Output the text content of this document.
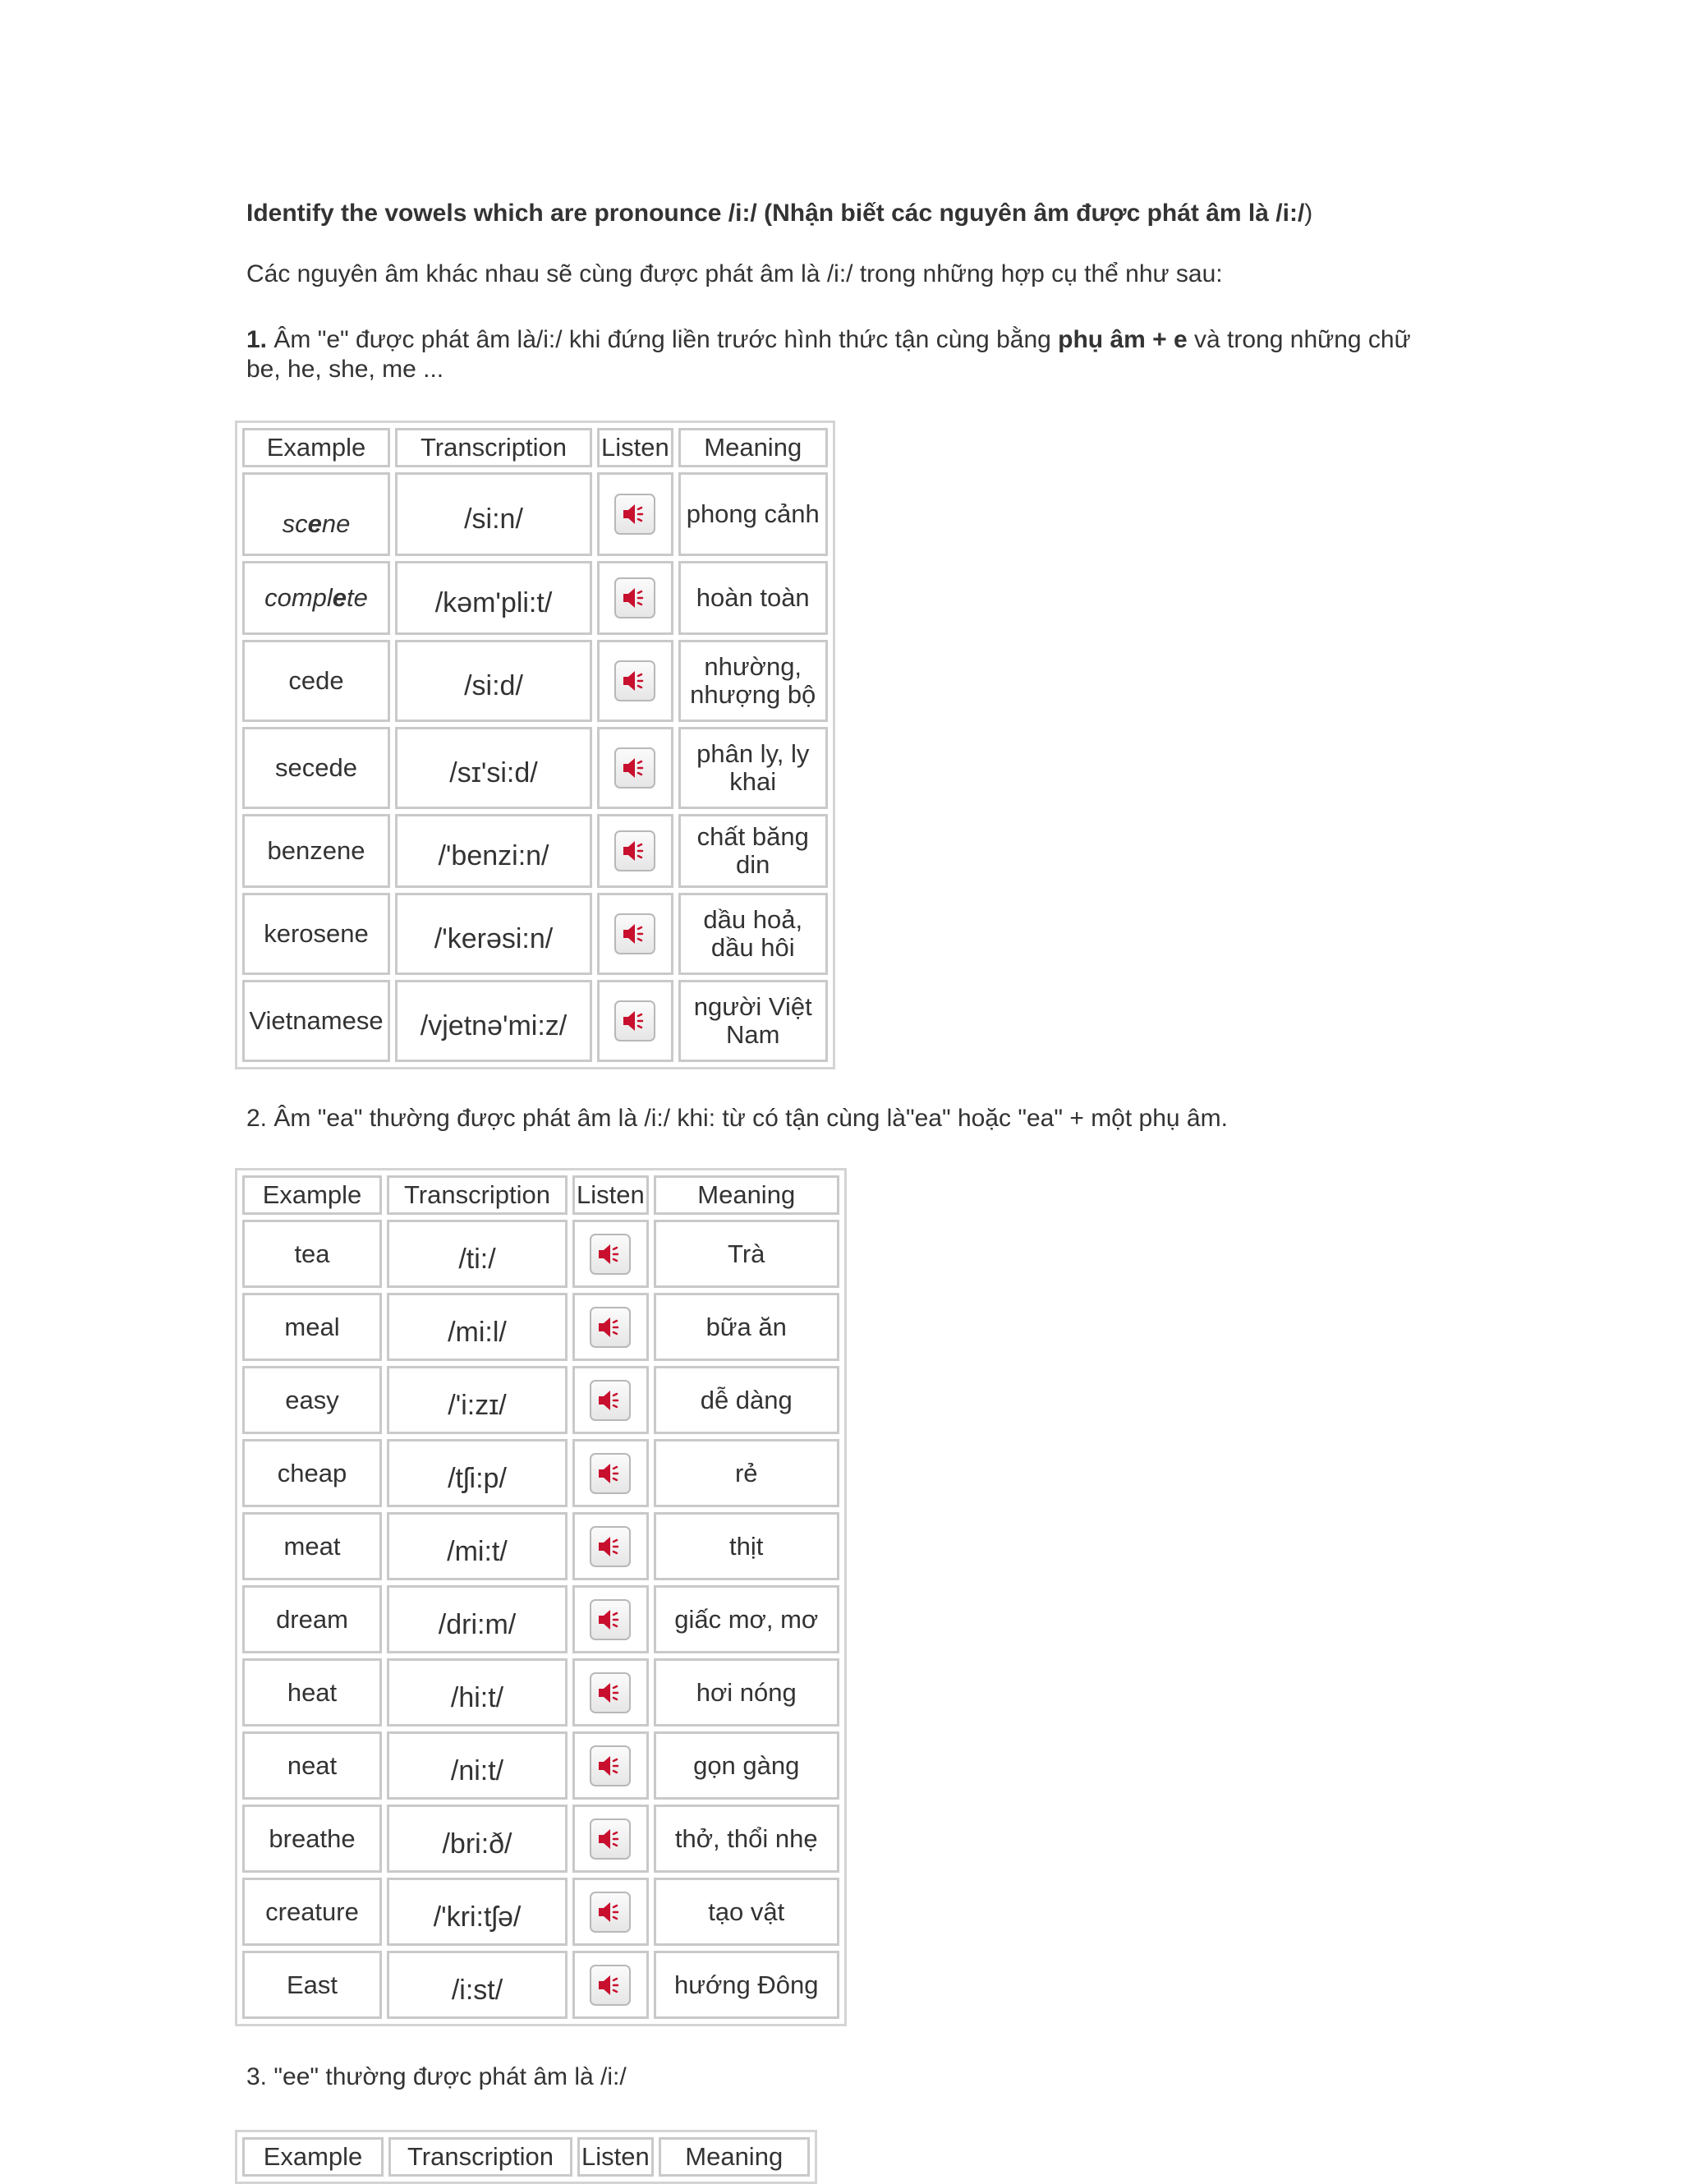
Identify the vowels which are pronounce /i:/ (Nhận biết các nguyên âm được phát âm là /i:/)

Các nguyên âm khác nhau sẽ cùng được phát âm là /i:/ trong những hợp cụ thể như sau:

1. Âm "e" được phát âm là/i:/ khi đứng liền trước hình thức tận cùng bằng phụ âm + e và trong những chữ be, he, she, me ...

Example	Transcription	Listen	Meaning
scene	/si:n/		phong cảnh
complete	/kəm'pli:t/		hoàn toàn
cede	/si:d/		nhường, nhượng bộ
secede	/sɪ'si:d/		phân ly, ly khai
benzene	/'benzi:n/		chất băng din
kerosene	/'kerəsi:n/		dầu hoả, dầu hôi
Vietnamese	/vjetnə'mi:z/		người Việt Nam

2. Âm "ea" thường được phát âm là /i:/ khi: từ có tận cùng là"ea" hoặc "ea" + một phụ âm.

Example	Transcription	Listen	Meaning
tea	/ti:/		Trà
meal	/mi:l/		bữa ăn
easy	/'i:zɪ/		dễ dàng
cheap	/tʃi:p/		rẻ
meat	/mi:t/		thịt
dream	/dri:m/		giấc mơ, mơ
heat	/hi:t/		hơi nóng
neat	/ni:t/		gọn gàng
breathe	/bri:ð/		thở, thổi nhẹ
creature	/'kri:tʃə/		tạo vật
East	/i:st/		hướng Đông

3. "ee" thường được phát âm là /i:/

Example	Transcription	Listen	Meaning
